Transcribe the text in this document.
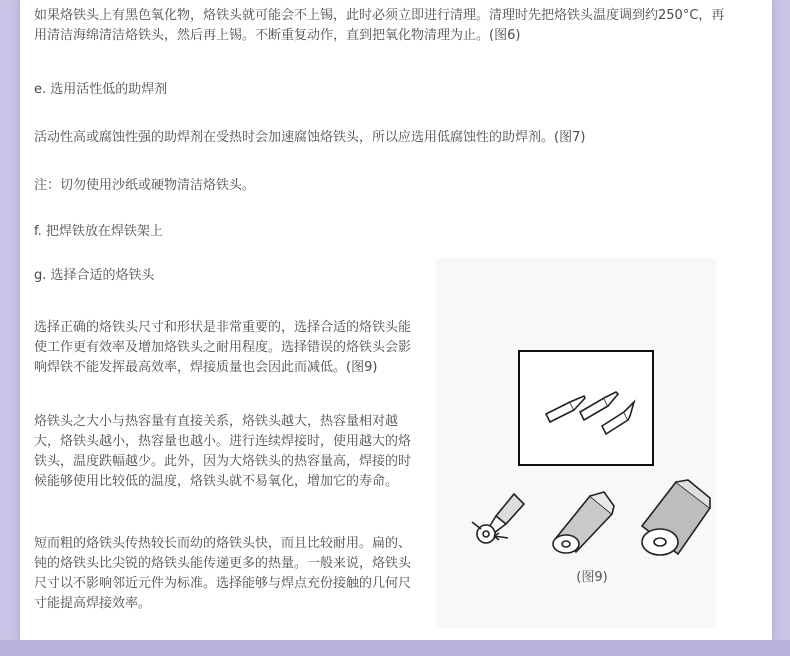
如果烙铁头上有黑色氧化物，烙铁头就可能会不上锡，此时必须立即进行清理。清理时先把烙铁头温度调到约250°C，再用清洁海绵清洁烙铁头，然后再上锡。不断重复动作，直到把氧化物清理为止。(图6)

e. 选用活性低的助焊剂

活动性高或腐蚀性强的助焊剂在受热时会加速腐蚀烙铁头，所以应选用低腐蚀性的助焊剂。(图7)

注：切勿使用沙纸或硬物清洁烙铁头。

f. 把焊铁放在焊铁架上

g. 选择合适的烙铁头

选择正确的烙铁头尺寸和形状是非常重要的，选择合适的烙铁头能使工作更有效率及增加烙铁头之耐用程度。选择错误的烙铁头会影响焊铁不能发挥最高效率，焊接质量也会因此而减低。(图9)

烙铁头之大小与热容量有直接关系，烙铁头越大，热容量相对越大，烙铁头越小，热容量也越小。进行连续焊接时，使用越大的烙铁头，温度跌幅越少。此外，因为大烙铁头的热容量高，焊接的时候能够使用比较低的温度，烙铁头就不易氧化，增加它的寿命。

短而粗的烙铁头传热较长而幼的烙铁头快，而且比较耐用。扁的、钝的烙铁头比尖锐的烙铁头能传递更多的热量。一般来说，烙铁头尺寸以不影响邻近元件为标准。选择能够与焊点充份接触的几何尺寸能提高焊接效率。

(图9)
